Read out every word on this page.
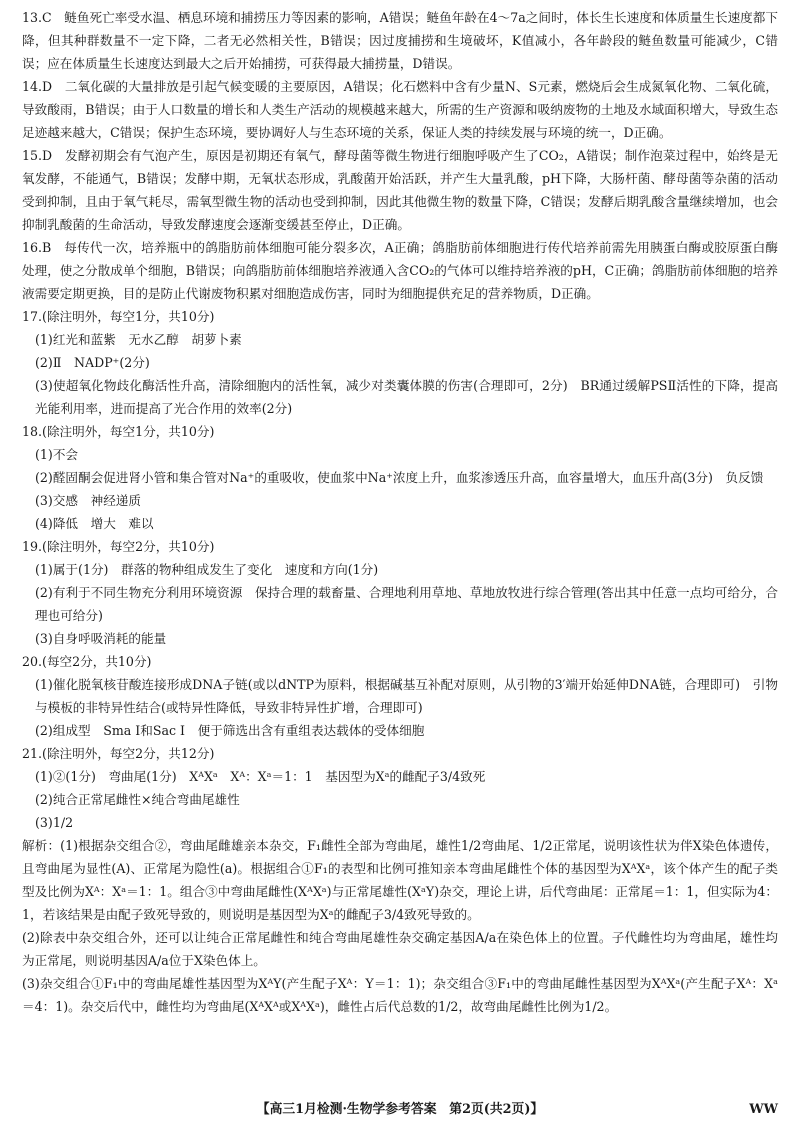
13.C　鲢鱼死亡率受水温、栖息环境和捕捞压力等因素的影响，A错误；鲢鱼年龄在4～7a之间时，体长生长速度和体质量生长速度都下降，但其种群数量不一定下降，二者无必然相关性，B错误；因过度捕捞和生境破坏，K值减小，各年龄段的鲢鱼数量可能减少，C错误；应在体质量生长速度达到最大之后开始捕捞，可获得最大捕捞量，D错误。

14.D　二氧化碳的大量排放是引起气候变暖的主要原因，A错误；化石燃料中含有少量N、S元素，燃烧后会生成氮氧化物、二氧化硫，导致酸雨，B错误；由于人口数量的增长和人类生产活动的规模越来越大，所需的生产资源和吸纳废物的土地及水域面积增大，导致生态足迹越来越大，C错误；保护生态环境，要协调好人与生态环境的关系，保证人类的持续发展与环境的统一，D正确。

15.D　发酵初期会有气泡产生，原因是初期还有氧气，酵母菌等微生物进行细胞呼吸产生了CO₂，A错误；制作泡菜过程中，始终是无氧发酵，不能通气，B错误；发酵中期，无氧状态形成，乳酸菌开始活跃，并产生大量乳酸，pH下降，大肠杆菌、酵母菌等杂菌的活动受到抑制，且由于氧气耗尽，需氧型微生物的活动也受到抑制，因此其他微生物的数量下降，C错误；发酵后期乳酸含量继续增加，也会抑制乳酸菌的生命活动，导致发酵速度会逐渐变缓甚至停止，D正确。

16.B　每传代一次，培养瓶中的鸽脂肪前体细胞可能分裂多次，A正确；鸽脂肪前体细胞进行传代培养前需先用胰蛋白酶或胶原蛋白酶处理，使之分散成单个细胞，B错误；向鸽脂肪前体细胞培养液通入含CO₂的气体可以维持培养液的pH，C正确；鸽脂肪前体细胞的培养液需要定期更换，目的是防止代谢废物积累对细胞造成伤害，同时为细胞提供充足的营养物质，D正确。

17.(除注明外，每空1分，共10分)

(1)红光和蓝紫　无水乙醇　胡萝卜素

(2)Ⅱ　NADP⁺(2分)

(3)使超氧化物歧化酶活性升高，清除细胞内的活性氧，减少对类囊体膜的伤害(合理即可，2分)　BR通过缓解PSⅡ活性的下降，提高光能利用率，进而提高了光合作用的效率(2分)

18.(除注明外，每空1分，共10分)

(1)不会

(2)醛固酮会促进肾小管和集合管对Na⁺的重吸收，使血浆中Na⁺浓度上升，血浆渗透压升高，血容量增大，血压升高(3分)　负反馈

(3)交感　神经递质

(4)降低　增大　难以

19.(除注明外，每空2分，共10分)

(1)属于(1分)　群落的物种组成发生了变化　速度和方向(1分)

(2)有利于不同生物充分利用环境资源　保持合理的载畜量、合理地利用草地、草地放牧进行综合管理(答出其中任意一点均可给分，合理也可给分)

(3)自身呼吸消耗的能量

20.(每空2分，共10分)

(1)催化脱氧核苷酸连接形成DNA子链(或以dNTP为原料，根据碱基互补配对原则，从引物的3′端开始延伸DNA链，合理即可)　引物与模板的非特异性结合(或特异性降低，导致非特异性扩增，合理即可)

(2)组成型　Sma Ⅰ和Sac Ⅰ　便于筛选出含有重组表达载体的受体细胞

21.(除注明外，每空2分，共12分)

(1)②(1分)　弯曲尾(1分)　XᴬXᵃ　Xᴬ：Xᵃ＝1：1　基因型为Xᵃ的雌配子3/4致死

(2)纯合正常尾雌性×纯合弯曲尾雄性

(3)1/2

解析：(1)根据杂交组合②，弯曲尾雌雄亲本杂交，F₁雌性全部为弯曲尾，雄性1/2弯曲尾、1/2正常尾，说明该性状为伴X染色体遗传，且弯曲尾为显性(A)、正常尾为隐性(a)。根据组合①F₁的表型和比例可推知亲本弯曲尾雌性个体的基因型为XᴬXᵃ，该个体产生的配子类型及比例为Xᴬ：Xᵃ＝1：1。组合③中弯曲尾雌性(XᴬXᵃ)与正常尾雄性(XᵃY)杂交，理论上讲，后代弯曲尾：正常尾＝1：1，但实际为4：1，若该结果是由配子致死导致的，则说明是基因型为Xᵃ的雌配子3/4致死导致的。

(2)除表中杂交组合外，还可以让纯合正常尾雌性和纯合弯曲尾雄性杂交确定基因A/a在染色体上的位置。子代雌性均为弯曲尾，雄性均为正常尾，则说明基因A/a位于X染色体上。

(3)杂交组合①F₁中的弯曲尾雄性基因型为XᴬY(产生配子Xᴬ：Y＝1：1)；杂交组合③F₁中的弯曲尾雌性基因型为XᴬXᵃ(产生配子Xᴬ：Xᵃ＝4：1)。杂交后代中，雌性均为弯曲尾(XᴬXᴬ或XᴬXᵃ)，雌性占后代总数的1/2，故弯曲尾雌性比例为1/2。

【高三1月检测·生物学参考答案　第2页(共2页)】	WW
